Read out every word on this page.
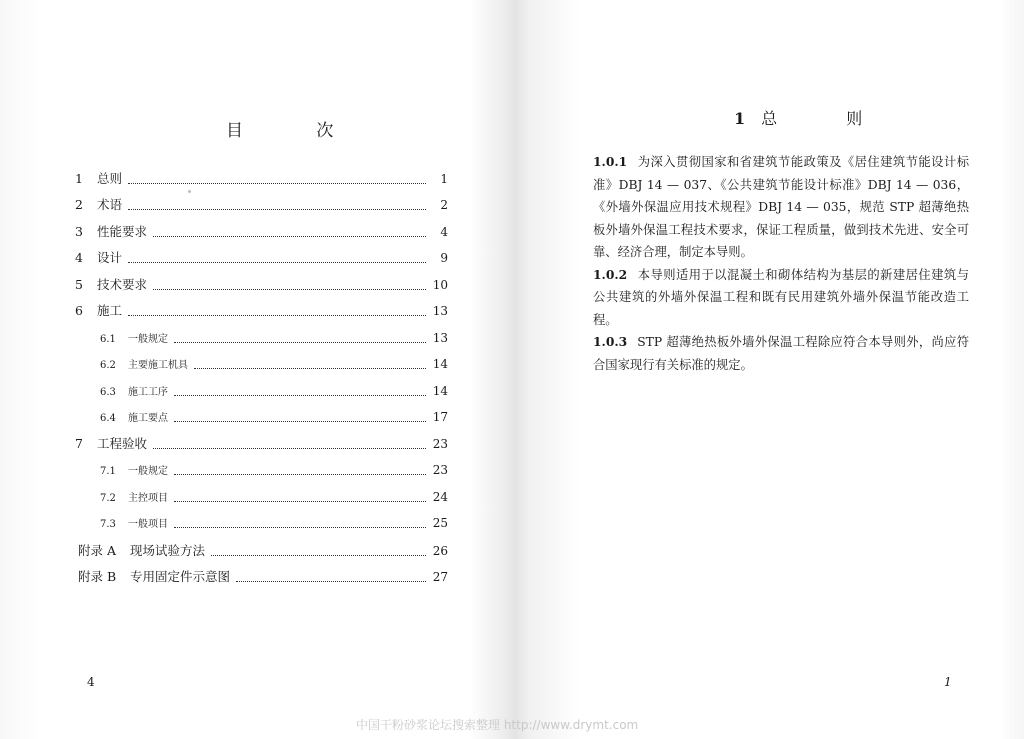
目 次
1	总则	1
2	术语	2
3	性能要求	4
4	设计	9
5	技术要求	10
6	施工	13
6.1	一般规定	13
6.2	主要施工机具	14
6.3	施工工序	14
6.4	施工要点	17
7	工程验收	23
7.1	一般规定	23
7.2	主控项目	24
7.3	一般项目	25
附录 A	现场试验方法	26
附录 B	专用固定件示意图	27
4
1 总 则

1.0.1 为深入贯彻国家和省建筑节能政策及《居住建筑节能设计标准》DBJ 14 — 037、《公共建筑节能设计标准》DBJ 14 — 036，《外墙外保温应用技术规程》DBJ 14 — 035，规范 STP 超薄绝热板外墙外保温工程技术要求，保证工程质量，做到技术先进、安全可靠、经济合理，制定本导则。

1.0.2 本导则适用于以混凝土和砌体结构为基层的新建居住建筑与公共建筑的外墙外保温工程和既有民用建筑外墙外保温节能改造工程。

1.0.3 STP 超薄绝热板外墙外保温工程除应符合本导则外，尚应符合国家现行有关标准的规定。

1
中国干粉砂浆论坛搜索整理 http://www.drymt.com
